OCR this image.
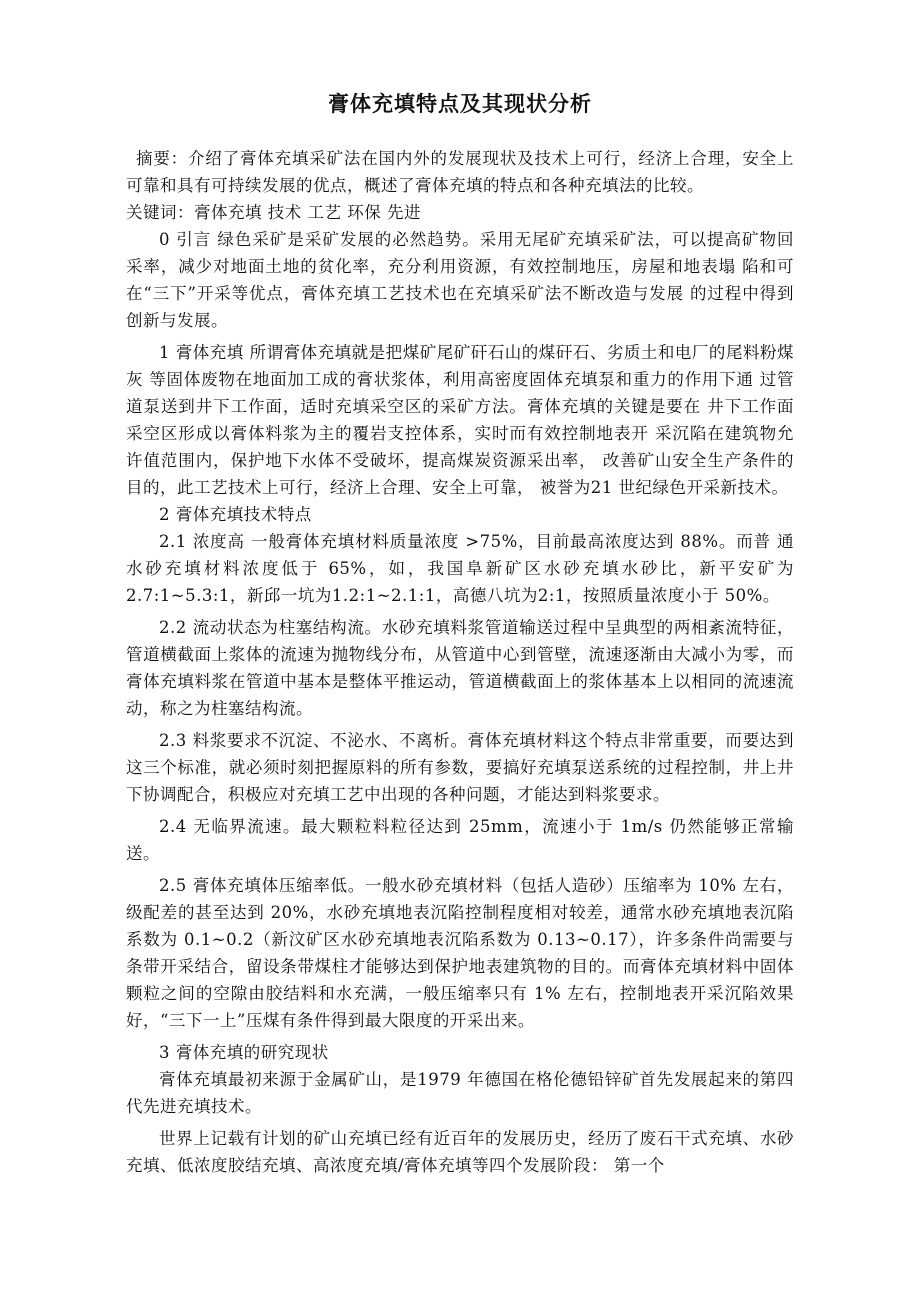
膏体充填特点及其现状分析

摘要：介绍了膏体充填采矿法在国内外的发展现状及技术上可行，经济上合理，安全上可靠和具有可持续发展的优点，概述了膏体充填的特点和各种充填法的比较。

关键词：膏体充填 技术 工艺 环保 先进

0 引言 绿色采矿是采矿发展的必然趋势。采用无尾矿充填采矿法，可以提高矿物回 采率，减少对地面土地的贫化率，充分利用资源，有效控制地压，房屋和地表塌 陷和可在“三下”开采等优点，膏体充填工艺技术也在充填采矿法不断改造与发展 的过程中得到创新与发展。

1 膏体充填 所谓膏体充填就是把煤矿尾矿矸石山的煤矸石、劣质土和电厂的尾料粉煤灰 等固体废物在地面加工成的膏状浆体，利用高密度固体充填泵和重力的作用下通 过管道泵送到井下工作面，适时充填采空区的采矿方法。膏体充填的关键是要在 井下工作面采空区形成以膏体料浆为主的覆岩支控体系，实时而有效控制地表开 采沉陷在建筑物允许值范围内，保护地下水体不受破坏，提高煤炭资源采出率， 改善矿山安全生产条件的目的，此工艺技术上可行，经济上合理、安全上可靠， 被誉为21 世纪绿色开采新技术。

2 膏体充填技术特点

2.1 浓度高 一般膏体充填材料质量浓度 >75%，目前最高浓度达到 88%。而普 通水砂充填材料浓度低于 65%，如，我国阜新矿区水砂充填水砂比，新平安矿为 2.7:1~5.3:1，新邱一坑为1.2:1~2.1:1，高德八坑为2:1，按照质量浓度小于 50%。

2.2 流动状态为柱塞结构流。水砂充填料浆管道输送过程中呈典型的两相紊流特征，管道横截面上浆体的流速为抛物线分布，从管道中心到管壁，流速逐渐由大减小为零，而膏体充填料浆在管道中基本是整体平推运动，管道横截面上的浆体基本上以相同的流速流动，称之为柱塞结构流。

2.3 料浆要求不沉淀、不泌水、不离析。膏体充填材料这个特点非常重要，而要达到这三个标准，就必须时刻把握原料的所有参数，要搞好充填泵送系统的过程控制，井上井下协调配合，积极应对充填工艺中出现的各种问题，才能达到料浆要求。

2.4 无临界流速。最大颗粒料粒径达到 25mm，流速小于 1m/s 仍然能够正常输送。

2.5 膏体充填体压缩率低。一般水砂充填材料（包括人造砂）压缩率为 10% 左右，级配差的甚至达到 20%，水砂充填地表沉陷控制程度相对较差，通常水砂充填地表沉陷系数为 0.1~0.2（新汶矿区水砂充填地表沉陷系数为 0.13~0.17），许多条件尚需要与条带开采结合，留设条带煤柱才能够达到保护地表建筑物的目的。而膏体充填材料中固体颗粒之间的空隙由胶结料和水充满，一般压缩率只有 1% 左右，控制地表开采沉陷效果好，“三下一上”压煤有条件得到最大限度的开采出来。

3 膏体充填的研究现状

膏体充填最初来源于金属矿山，是1979 年德国在格伦德铅锌矿首先发展起来的第四代先进充填技术。

世界上记载有计划的矿山充填已经有近百年的发展历史，经历了废石干式充填、水砂充填、低浓度胶结充填、高浓度充填/膏体充填等四个发展阶段： 第一个
